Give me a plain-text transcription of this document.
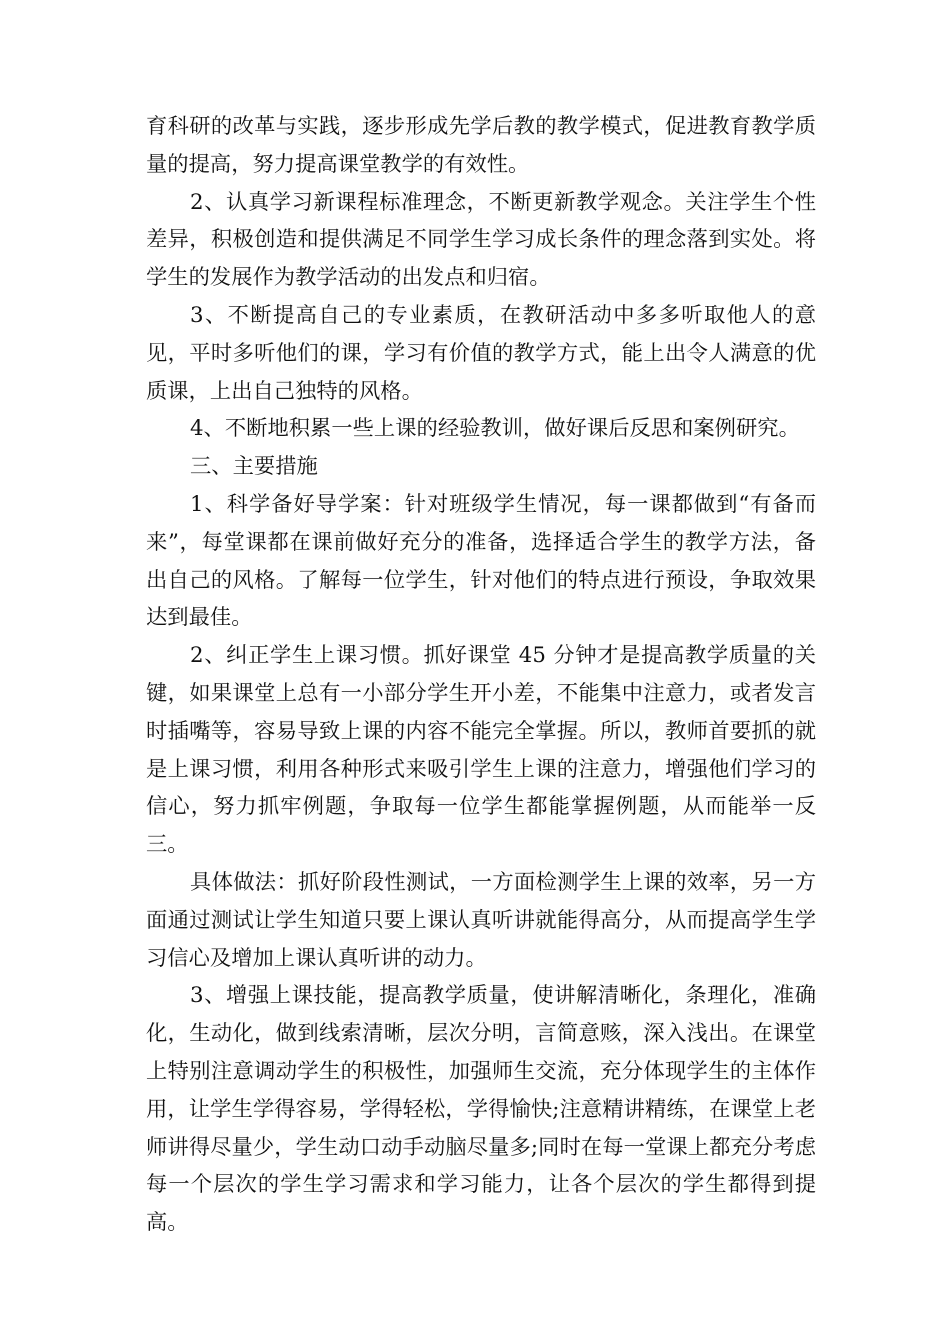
育科研的改革与实践，逐步形成先学后教的教学模式，促进教育教学质量的提高，努力提高课堂教学的有效性。

2、认真学习新课程标准理念，不断更新教学观念。关注学生个性差异，积极创造和提供满足不同学生学习成长条件的理念落到实处。将学生的发展作为教学活动的出发点和归宿。

3、不断提高自己的专业素质，在教研活动中多多听取他人的意见，平时多听他们的课，学习有价值的教学方式，能上出令人满意的优质课，上出自己独特的风格。

4、不断地积累一些上课的经验教训，做好课后反思和案例研究。

三、主要措施

1、科学备好导学案：针对班级学生情况，每一课都做到“有备而来”，每堂课都在课前做好充分的准备，选择适合学生的教学方法，备出自己的风格。了解每一位学生，针对他们的特点进行预设，争取效果达到最佳。

2、纠正学生上课习惯。抓好课堂 45 分钟才是提高教学质量的关键，如果课堂上总有一小部分学生开小差，不能集中注意力，或者发言时插嘴等，容易导致上课的内容不能完全掌握。所以，教师首要抓的就是上课习惯，利用各种形式来吸引学生上课的注意力，增强他们学习的信心，努力抓牢例题，争取每一位学生都能掌握例题，从而能举一反三。

具体做法：抓好阶段性测试，一方面检测学生上课的效率，另一方面通过测试让学生知道只要上课认真听讲就能得高分，从而提高学生学习信心及增加上课认真听讲的动力。

3、增强上课技能，提高教学质量，使讲解清晰化，条理化，准确化，生动化，做到线索清晰，层次分明，言简意赅，深入浅出。在课堂上特别注意调动学生的积极性，加强师生交流，充分体现学生的主体作用，让学生学得容易，学得轻松，学得愉快;注意精讲精练，在课堂上老师讲得尽量少，学生动口动手动脑尽量多;同时在每一堂课上都充分考虑每一个层次的学生学习需求和学习能力，让各个层次的学生都得到提高。
